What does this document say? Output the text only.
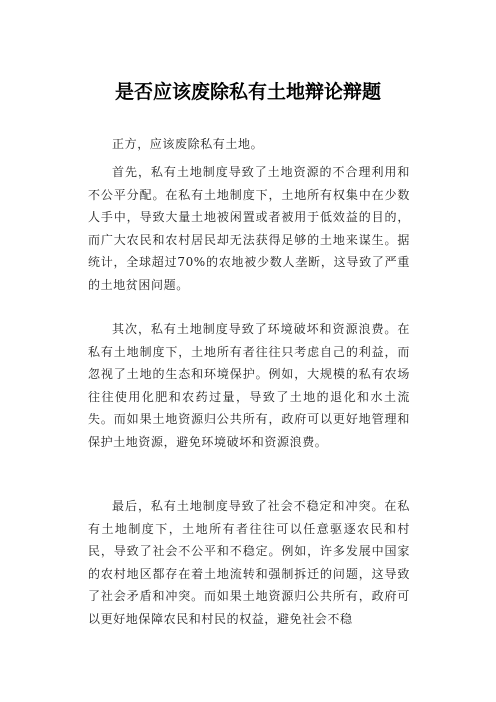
是否应该废除私有土地辩论辩题

正方，应该废除私有土地。

首先，私有土地制度导致了土地资源的不合理利用和不公平分配。在私有土地制度下，土地所有权集中在少数人手中，导致大量土地被闲置或者被用于低效益的目的，而广大农民和农村居民却无法获得足够的土地来谋生。据统计，全球超过70%的农地被少数人垄断，这导致了严重的土地贫困问题。

其次，私有土地制度导致了环境破坏和资源浪费。在私有土地制度下，土地所有者往往只考虑自己的利益，而忽视了土地的生态和环境保护。例如，大规模的私有农场往往使用化肥和农药过量，导致了土地的退化和水土流失。而如果土地资源归公共所有，政府可以更好地管理和保护土地资源，避免环境破坏和资源浪费。

最后，私有土地制度导致了社会不稳定和冲突。在私有土地制度下，土地所有者往往可以任意驱逐农民和村民，导致了社会不公平和不稳定。例如，许多发展中国家的农村地区都存在着土地流转和强制拆迁的问题，这导致了社会矛盾和冲突。而如果土地资源归公共所有，政府可以更好地保障农民和村民的权益，避免社会不稳
